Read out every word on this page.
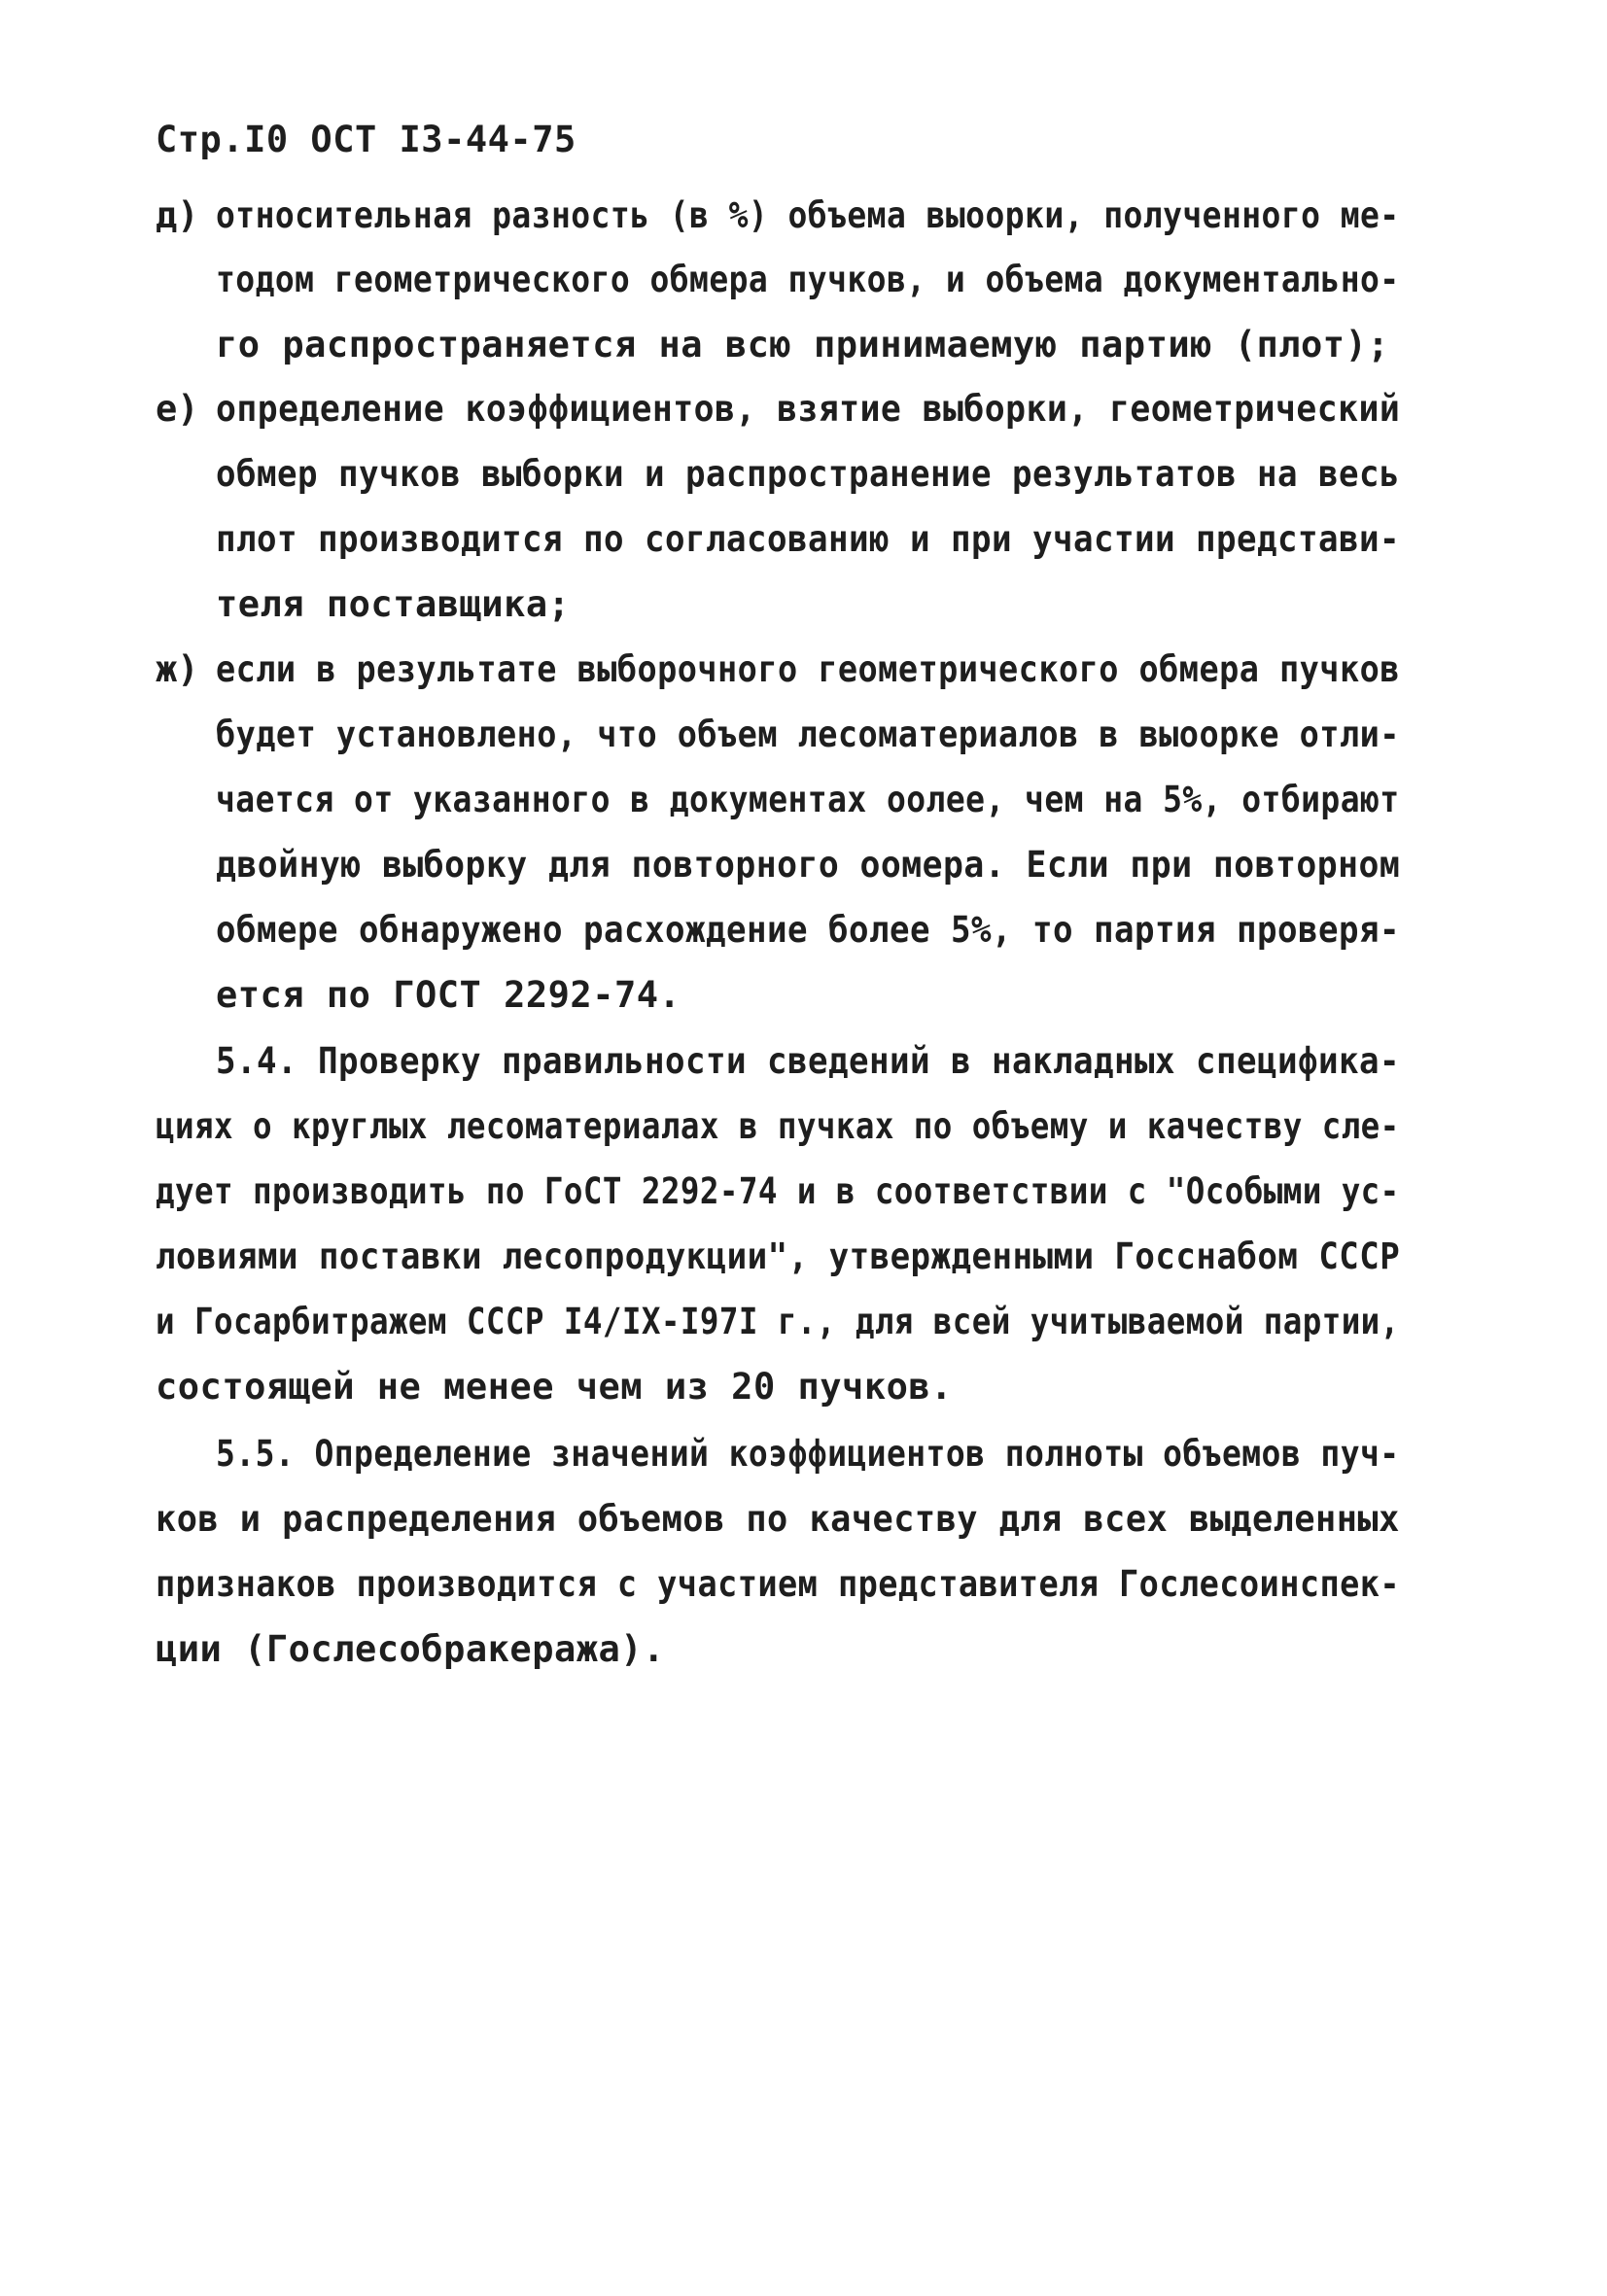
Стр.I0 ОСТ I3-44-75
д) относительная разность (в %) объема выоорки, полученного ме-
тодом геометрического обмера пучков, и объема документально-
го распространяется на всю принимаемую партию (плот);
е) определение коэффициентов, взятие выборки, геометрический
обмер пучков выборки и распространение результатов на весь
плот производится по согласованию и при участии представи-
теля поставщика;
ж) если в результате выборочного геометрического обмера пучков
будет установлено, что объем лесоматериалов в выоорке отли-
чается от указанного в документах оолее, чем на 5%, отбирают
двойную выборку для повторного оомера. Если при повторном
обмере обнаружено расхождение более 5%, то партия проверя-
ется по ГОСТ 2292-74.
5.4. Проверку правильности сведений в накладных спецификa-
циях о круглых лесоматериалах в пучках по объему и качеству сле-
дует производить по ГоСТ 2292-74 и в соответствии с "Особыми ус-
ловиями поставки лесопродукции", утвержденными Госснабом СССР
и Госарбитражем СССР I4/IX-I97I г., для всей учитываемой партии,
состоящей не менее чем из 20 пучков.
5.5. Определение значений коэффициентов полноты объемов пуч-
ков и распределения объемов по качеству для всех выделенных
признаков производится с участием представителя Гослесоинспек-
ции (Гослесобракеража).
